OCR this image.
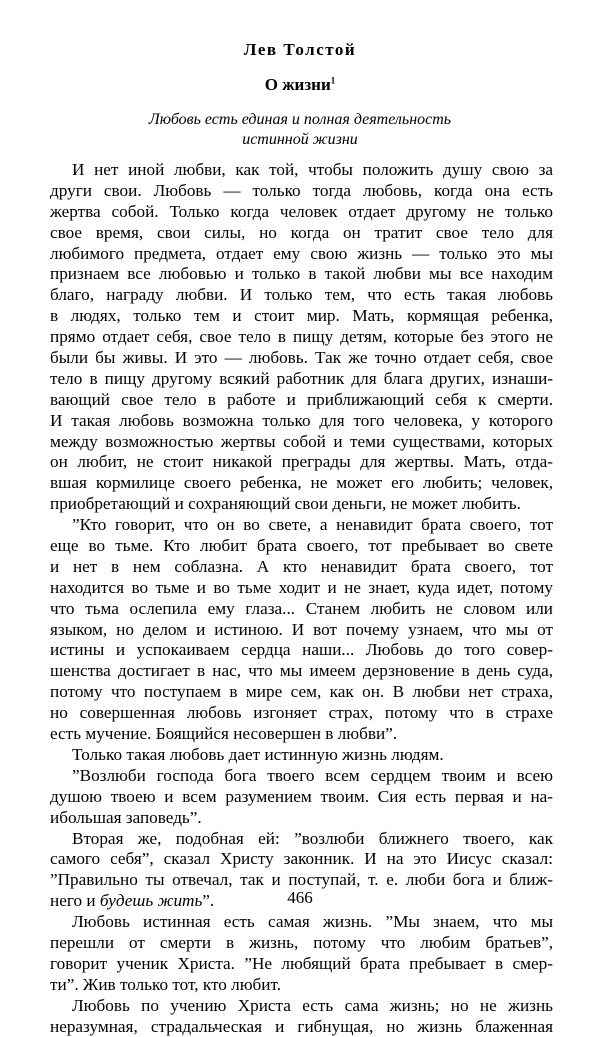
Лев Толстой

О жизни$^1$

Любовь есть единая и полная деятельность
истинной жизни
И нет иной любви, как той, чтобы положить душу свою за
други свои. Любовь — только тогда любовь, когда она есть
жертва собой. Только когда человек отдает другому не только
свое время, свои силы, но когда он тратит свое тело для
любимого предмета, отдает ему свою жизнь — только это мы
признаем все любовью и только в такой любви мы все находим
благо, награду любви. И только тем, что есть такая любовь
в людях, только тем и стоит мир. Мать, кормящая ребенка,
прямо отдает себя, свое тело в пищу детям, которые без этого не
были бы живы. И это — любовь. Так же точно отдает себя, свое
тело в пищу другому всякий работник для блага других, изнаши-
вающий свое тело в работе и приближающий себя к смерти.
И такая любовь возможна только для того человека, у которого
между возможностью жертвы собой и теми существами, которых
он любит, не стоит никакой преграды для жертвы. Мать, отда-
вшая кормилице своего ребенка, не может его любить; человек,
приобретающий и сохраняющий свои деньги, не может любить.
”Кто говорит, что он во свете, а ненавидит брата своего, тот
еще во тьме. Кто любит брата своего, тот пребывает во свете
и нет в нем соблазна. А кто ненавидит брата своего, тот
находится во тьме и во тьме ходит и не знает, куда идет, потому
что тьма ослепила ему глаза... Станем любить не словом или
языком, но делом и истиною. И вот почему узнаем, что мы от
истины и успокаиваем сердца наши... Любовь до того совер-
шенства достигает в нас, что мы имеем дерзновение в день суда,
потому что поступаем в мире сем, как он. В любви нет страха,
но совершенная любовь изгоняет страх, потому что в страхе
есть мучение. Боящийся несовершен в любви”.
Только такая любовь дает истинную жизнь людям.
”Возлюби господа бога твоего всем сердцем твоим и всею
душою твоею и всем разумением твоим. Сия есть первая и на-
ибольшая заповедь”.
Вторая же, подобная ей: ”возлюби ближнего твоего, как
самого себя”, сказал Христу законник. И на это Иисус сказал:
”Правильно ты отвечал, так и поступай, т. е. люби бога и ближ-
него и будешь жить”.
Любовь истинная есть самая жизнь. ”Мы знаем, что мы
перешли от смерти в жизнь, потому что любим братьев”,
говорит ученик Христа. ”Не любящий брата пребывает в смер-
ти”. Жив только тот, кто любит.
Любовь по учению Христа есть сама жизнь; но не жизнь
неразумная, страдальческая и гибнущая, но жизнь блаженная

466
